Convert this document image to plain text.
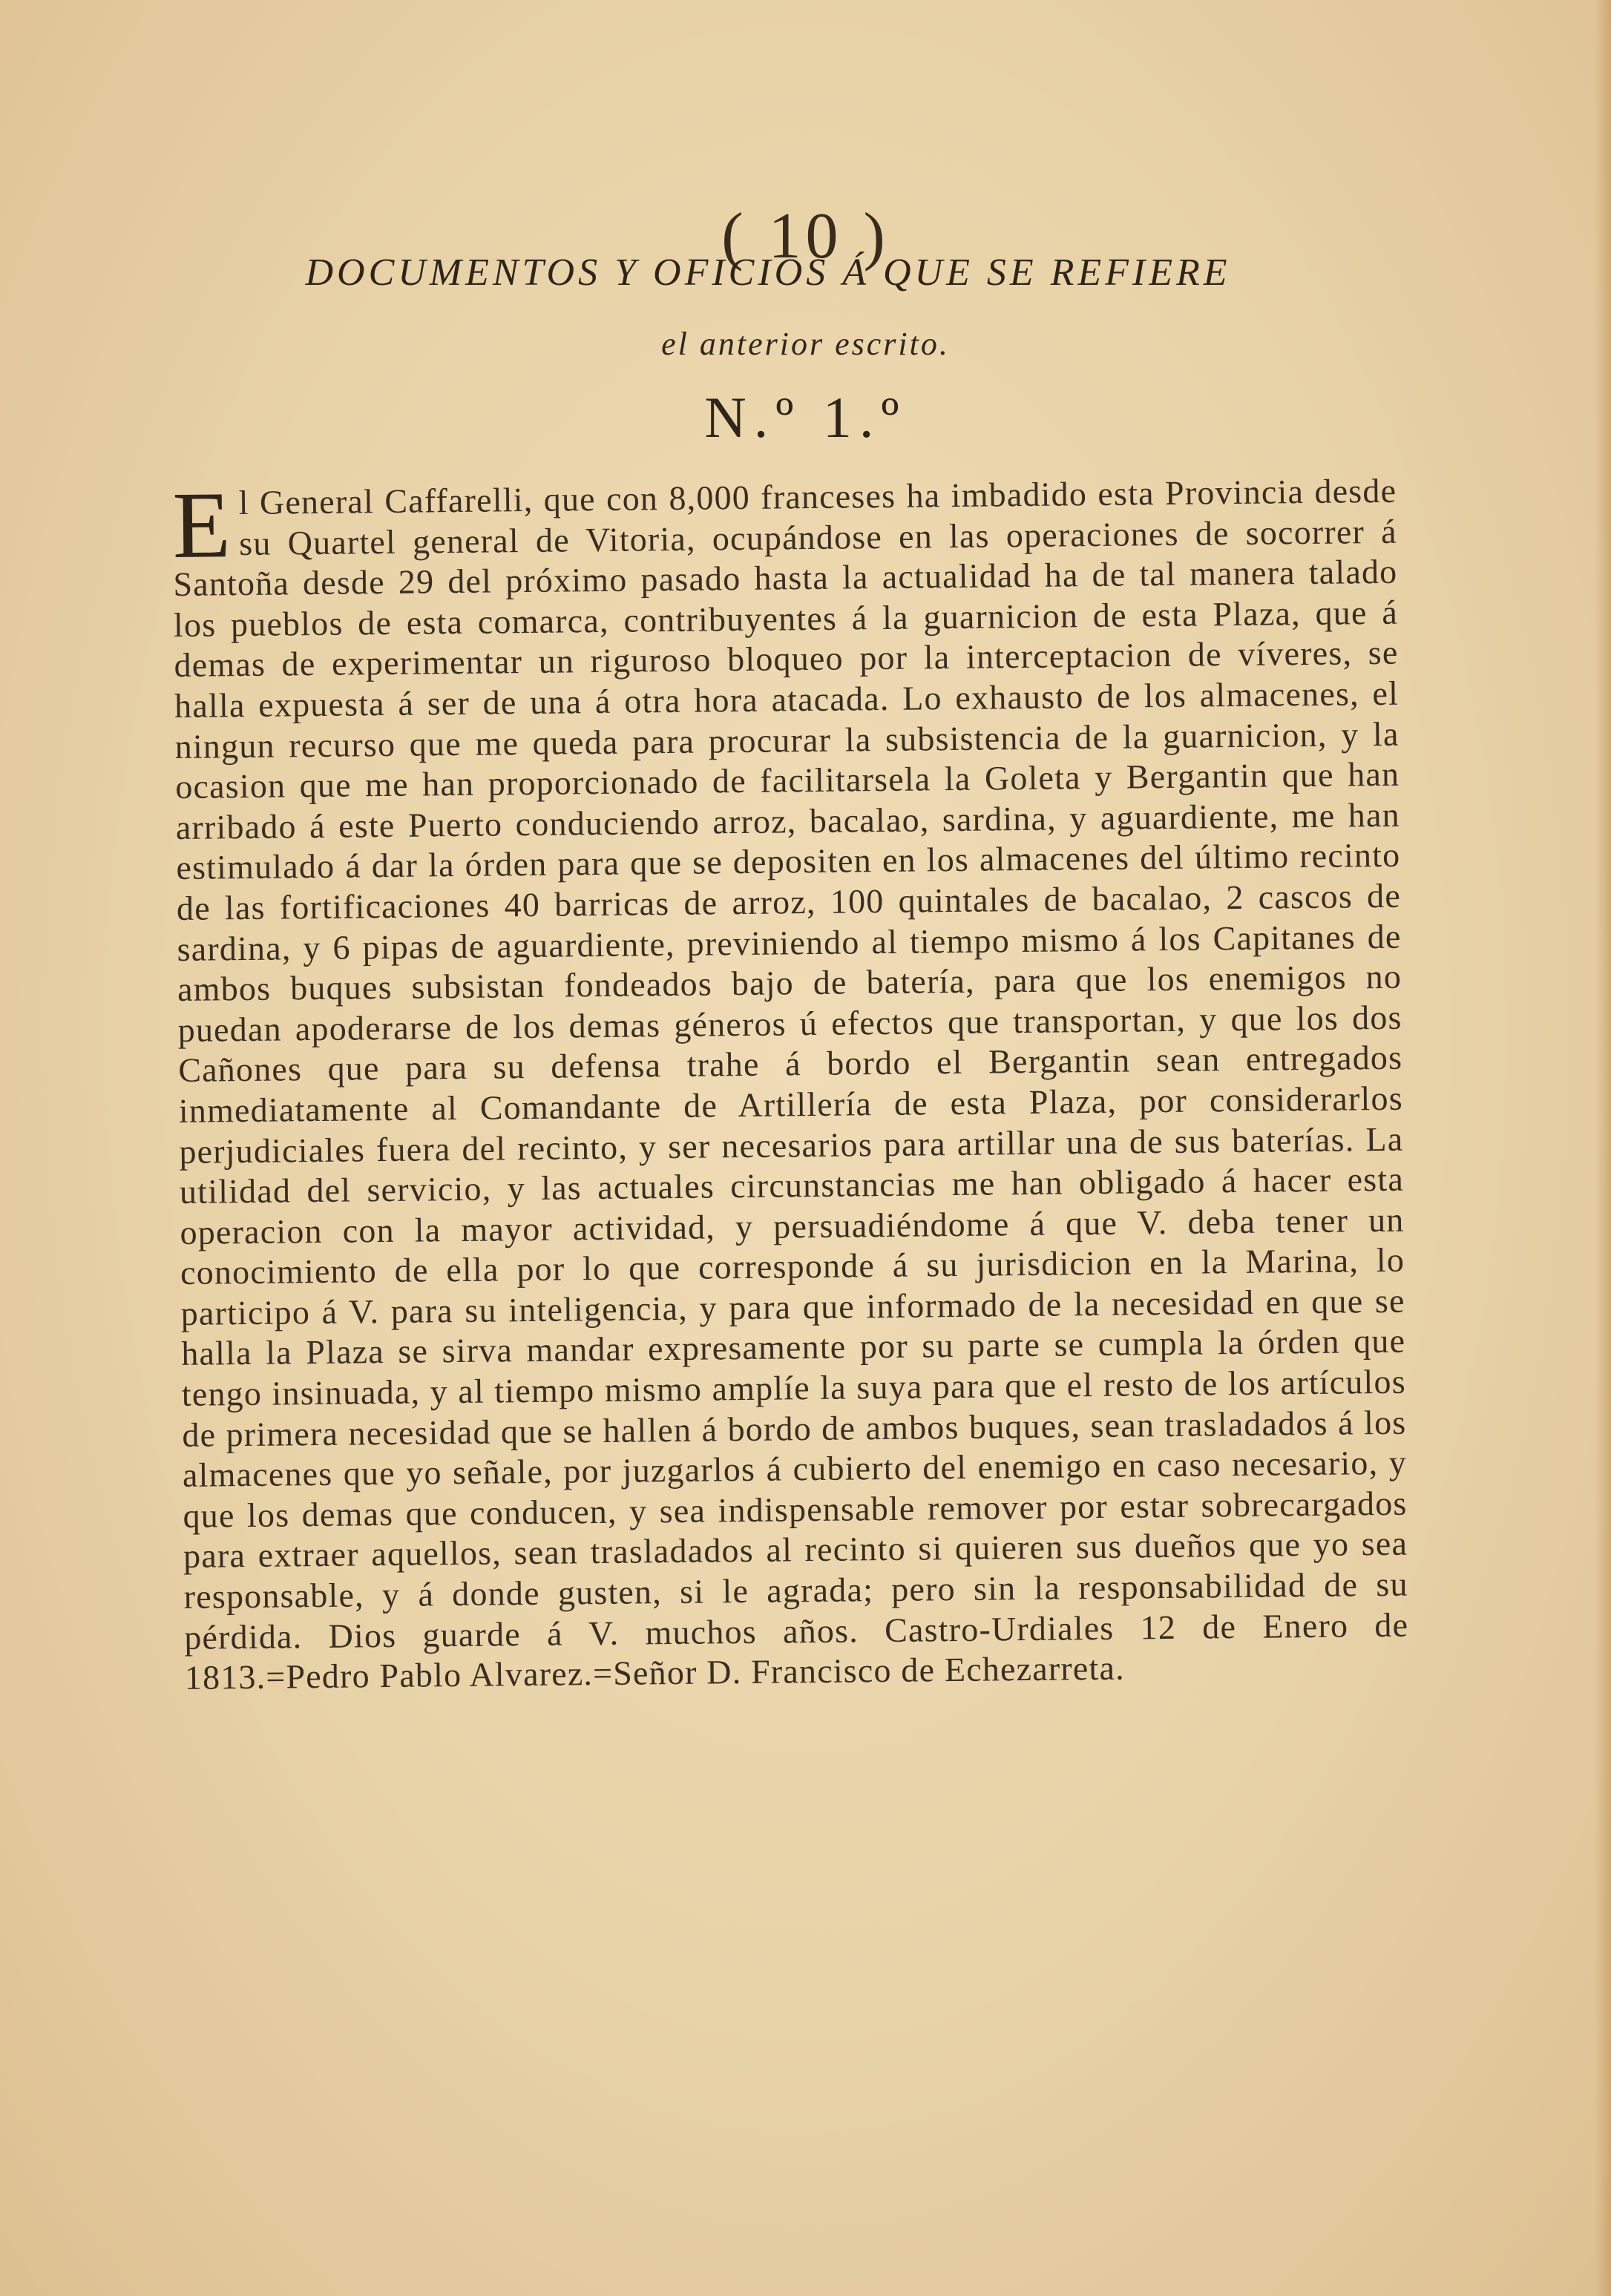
( 10 )
DOCUMENTOS Y OFICIOS Á QUE SE REFIERE
el anterior escrito.
N.º 1.º
El General Caffarelli, que con 8,000 franceses ha imbadido esta Provincia desde su Quartel general de Vitoria, ocupándose en las operaciones de socorrer á Santoña desde 29 del próximo pasado hasta la actualidad ha de tal manera talado los pueblos de esta comarca, contribuyentes á la guarnicion de esta Plaza, que á demas de experimentar un riguroso bloqueo por la interceptacion de víveres, se halla expuesta á ser de una á otra hora atacada. Lo exhausto de los almacenes, el ningun recurso que me queda para procurar la subsistencia de la guarnicion, y la ocasion que me han proporcionado de facilitarsela la Goleta y Bergantin que han arribado á este Puerto conduciendo arroz, bacalao, sardina, y aguardiente, me han estimulado á dar la órden para que se depositen en los almacenes del último recinto de las fortificaciones 40 barricas de arroz, 100 quintales de bacalao, 2 cascos de sardina, y 6 pipas de aguardiente, previniendo al tiempo mismo á los Capitanes de ambos buques subsistan fondeados bajo de batería, para que los enemigos no puedan apoderarse de los demas géneros ú efectos que transportan, y que los dos Cañones que para su defensa trahe á bordo el Bergantin sean entregados inmediatamente al Comandante de Artillería de esta Plaza, por considerarlos perjudiciales fuera del recinto, y ser necesarios para artillar una de sus baterías. La utilidad del servicio, y las actuales circunstancias me han obligado á hacer esta operacion con la mayor actividad, y persuadiéndome á que V. deba tener un conocimiento de ella por lo que corresponde á su jurisdicion en la Marina, lo participo á V. para su inteligencia, y para que informado de la necesidad en que se halla la Plaza se sirva mandar expresamente por su parte se cumpla la órden que tengo insinuada, y al tiempo mismo amplíe la suya para que el resto de los artículos de primera necesidad que se hallen á bordo de ambos buques, sean trasladados á los almacenes que yo señale, por juzgarlos á cubierto del enemigo en caso necesario, y que los demas que conducen, y sea indispensable remover por estar sobrecargados para extraer aquellos, sean trasladados al recinto si quieren sus dueños que yo sea responsable, y á donde gusten, si le agrada; pero sin la responsabilidad de su pérdida. Dios guarde á V. muchos años. Castro-Urdiales 12 de Enero de 1813.=Pedro Pablo Alvarez.=Señor D. Francisco de Echezarreta.
